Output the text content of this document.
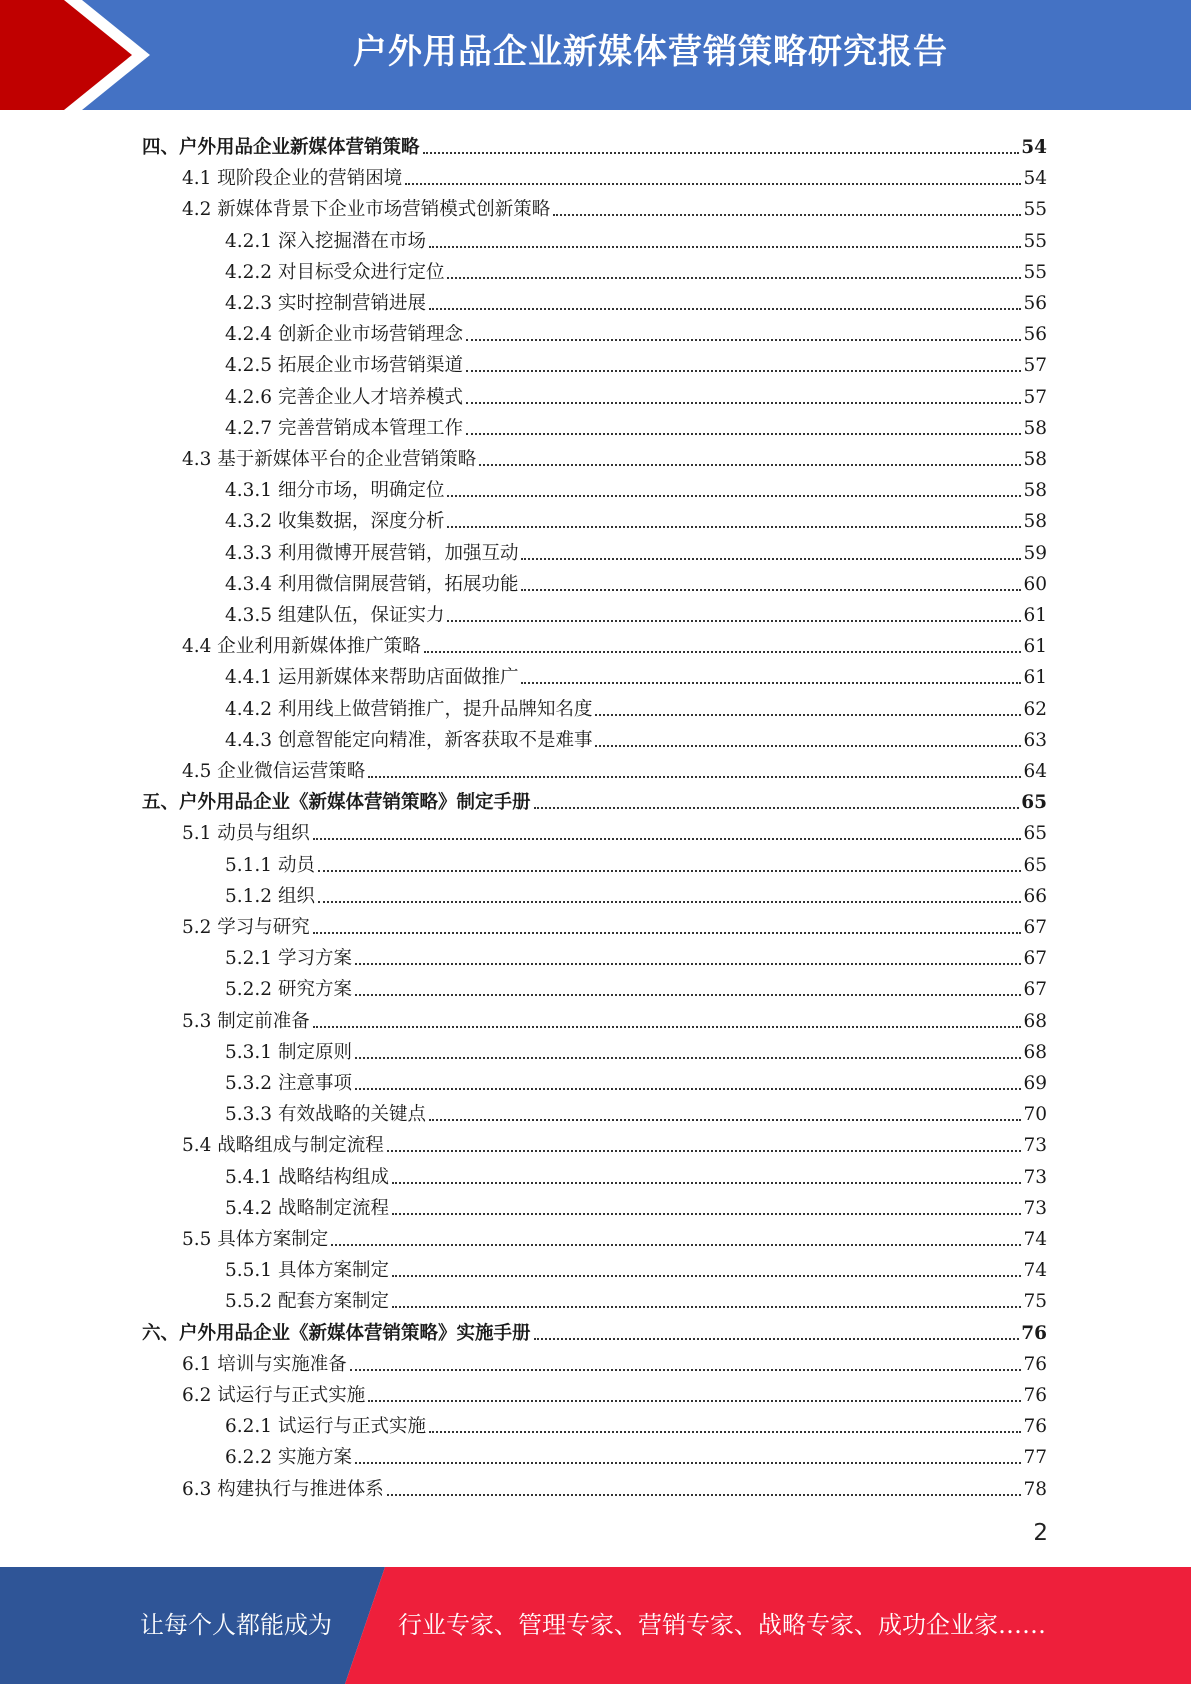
户外用品企业新媒体营销策略研究报告
四、户外用品企业新媒体营销策略	54
4.1 现阶段企业的营销困境	54
4.2 新媒体背景下企业市场营销模式创新策略	55
4.2.1 深入挖掘潜在市场	55
4.2.2 对目标受众进行定位	55
4.2.3 实时控制营销进展	56
4.2.4 创新企业市场营销理念	56
4.2.5 拓展企业市场营销渠道	57
4.2.6 完善企业人才培养模式	57
4.2.7 完善营销成本管理工作	58
4.3 基于新媒体平台的企业营销策略	58
4.3.1 细分市场，明确定位	58
4.3.2 收集数据，深度分析	58
4.3.3 利用微博开展营销，加强互动	59
4.3.4 利用微信開展营销，拓展功能	60
4.3.5 组建队伍，保证实力	61
4.4 企业利用新媒体推广策略	61
4.4.1 运用新媒体来帮助店面做推广	61
4.4.2 利用线上做营销推广，提升品牌知名度	62
4.4.3 创意智能定向精准，新客获取不是难事	63
4.5 企业微信运营策略	64
五、户外用品企业《新媒体营销策略》制定手册	65
5.1 动员与组织	65
5.1.1 动员	65
5.1.2 组织	66
5.2 学习与研究	67
5.2.1 学习方案	67
5.2.2 研究方案	67
5.3 制定前准备	68
5.3.1 制定原则	68
5.3.2 注意事项	69
5.3.3 有效战略的关键点	70
5.4 战略组成与制定流程	73
5.4.1 战略结构组成	73
5.4.2 战略制定流程	73
5.5 具体方案制定	74
5.5.1 具体方案制定	74
5.5.2 配套方案制定	75
六、户外用品企业《新媒体营销策略》实施手册	76
6.1 培训与实施准备	76
6.2 试运行与正式实施	76
6.2.1 试运行与正式实施	76
6.2.2 实施方案	77
6.3 构建执行与推进体系	78
2
让每个人都能成为	行业专家、管理专家、营销专家、战略专家、成功企业家……
